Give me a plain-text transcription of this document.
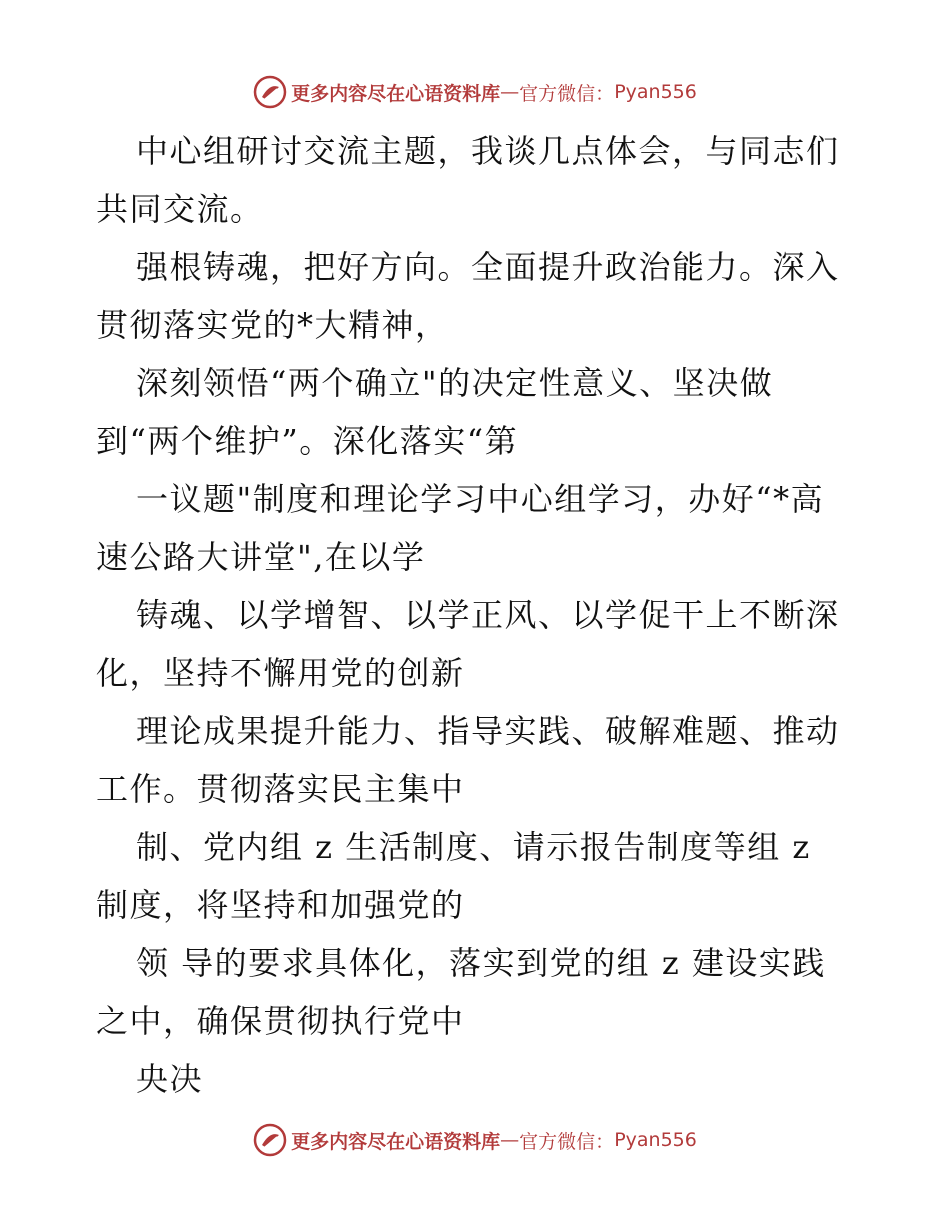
更多内容尽在心语资料库 — 官方微信： Pyan556
中心组研讨交流主题，我谈几点体会，与同志们
共同交流。
强根铸魂，把好方向。全面提升政治能力。深入
贯彻落实党的*大精神，
深刻领悟“两个确立"的决定性意义、坚决做
到“两个维护”。深化落实“第
一议题"制度和理论学习中心组学习，办好“*高
速公路大讲堂",在以学
铸魂、以学增智、以学正风、以学促干上不断深
化，坚持不懈用党的创新
理论成果提升能力、指导实践、破解难题、推动
工作。贯彻落实民主集中
制、党内组 z 生活制度、请示报告制度等组 z
制度，将坚持和加强党的
领 导的要求具体化，落实到党的组 z 建设实践
之中，确保贯彻执行党中
央决
更多内容尽在心语资料库 — 官方微信： Pyan556
